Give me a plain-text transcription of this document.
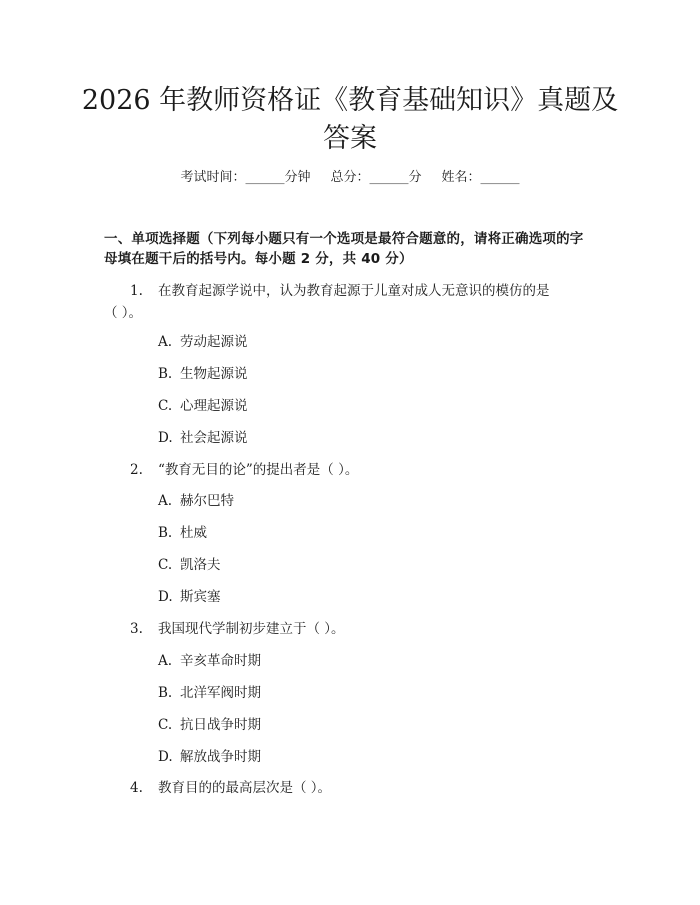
2026 年教师资格证《教育基础知识》真题及
答案
考试时间：______分钟 总分：______分 姓名：______
一、单项选择题（下列每小题只有一个选项是最符合题意的，请将正确选项的字
母填在题干后的括号内。每小题 2 分，共 40 分）
1.	在教育起源学说中，认为教育起源于儿童对成人无意识的模仿的是
（ ）。
A. 劳动起源说
B. 生物起源说
C. 心理起源说
D. 社会起源说
2.	“教育无目的论”的提出者是（ ）。
A. 赫尔巴特
B. 杜威
C. 凯洛夫
D. 斯宾塞
3.	我国现代学制初步建立于（ ）。
A. 辛亥革命时期
B. 北洋军阀时期
C. 抗日战争时期
D. 解放战争时期
4.	教育目的的最高层次是（ ）。
